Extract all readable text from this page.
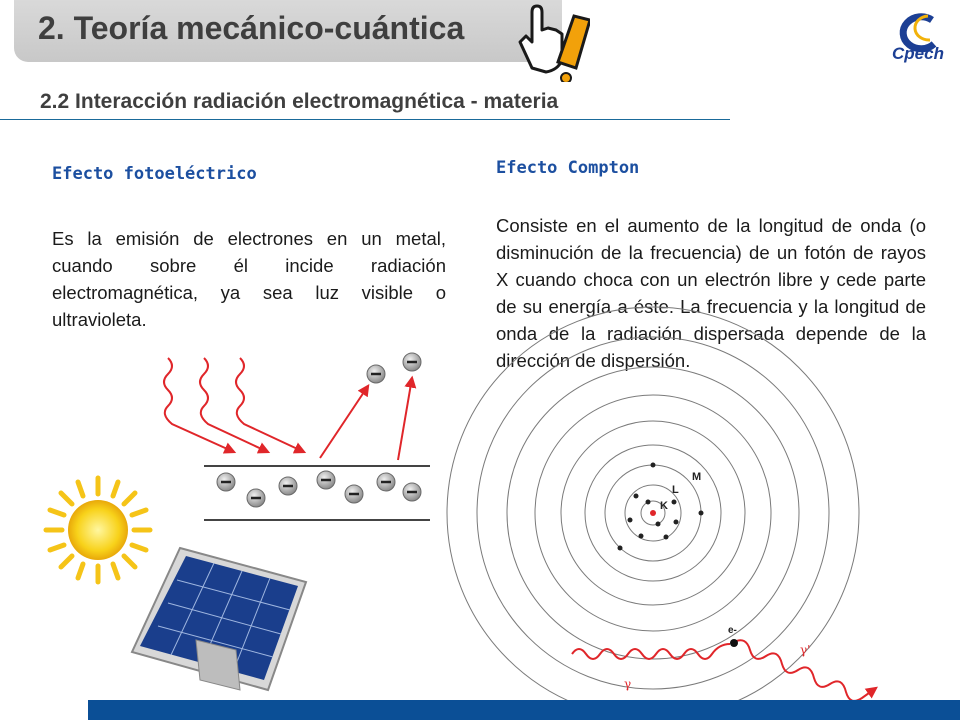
2. Teoría mecánico-cuántica
Cpech
2.2 Interacción radiación electromagnética - materia
Efecto fotoeléctrico
Es la emisión de electrones en un metal, cuando sobre él incide radiación electromagnética, ya sea luz visible o ultravioleta.
Efecto Compton
Consiste en el aumento de la longitud de onda (o disminución de la frecuencia) de un fotón de rayos X cuando choca con un electrón libre y cede parte de su energía a éste. La frecuencia y la longitud de onda de la radiación dispersada depende de la dirección de dispersión.
K
L
M
e-
γ
γ'
